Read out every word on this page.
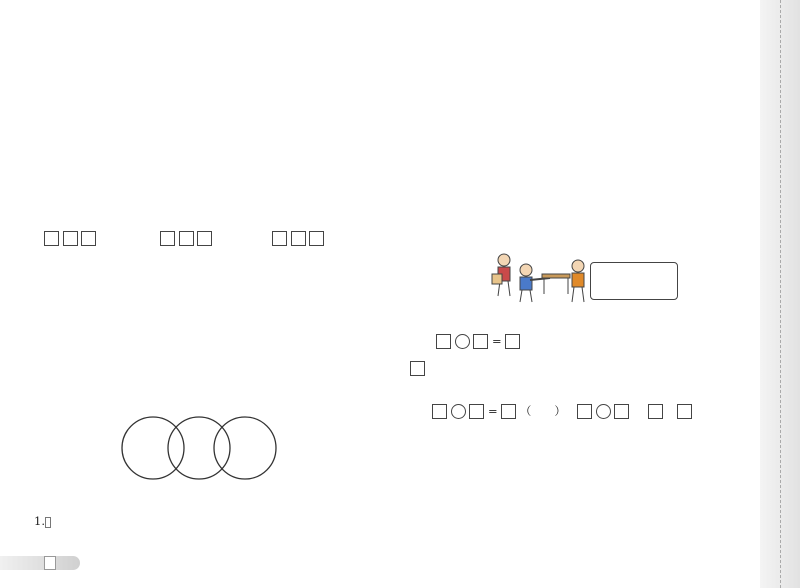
1.
=
= （　　）
